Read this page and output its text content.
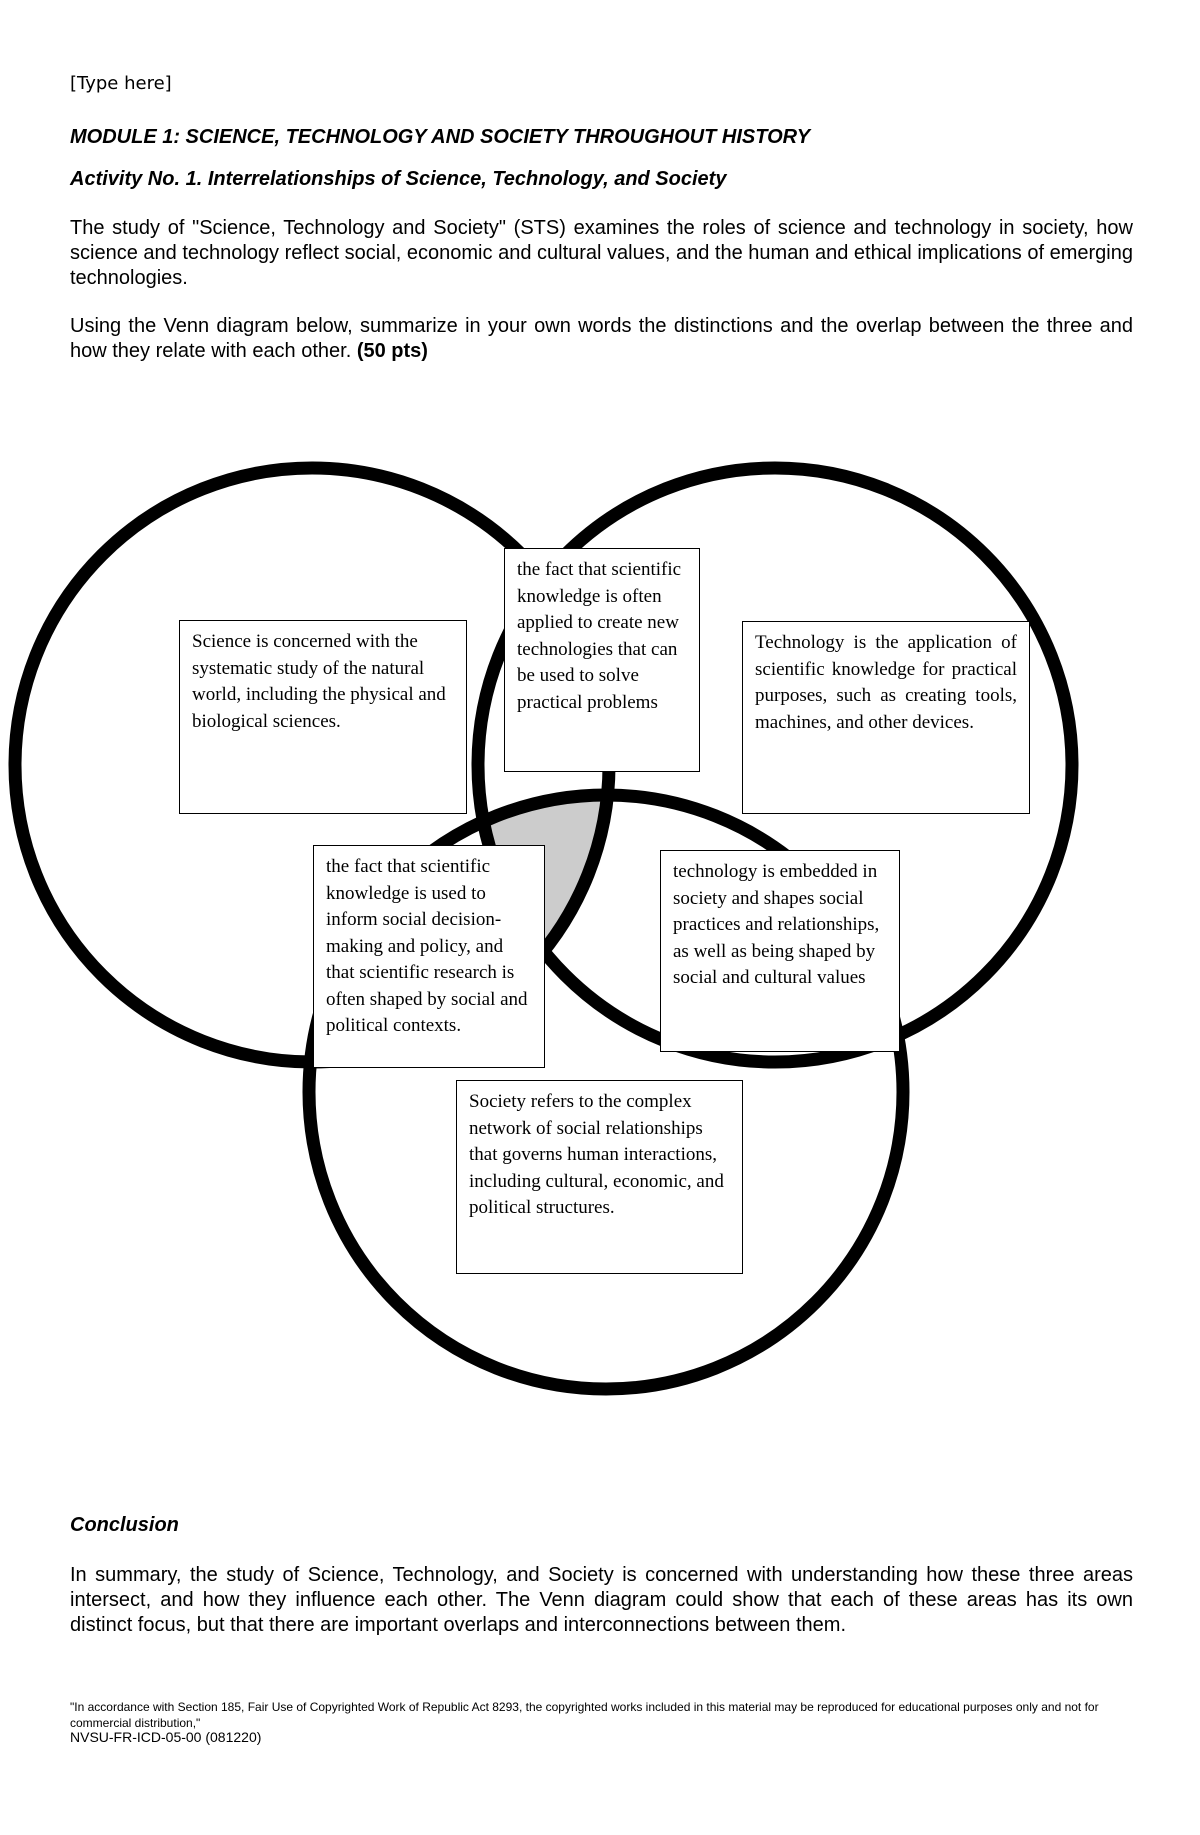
[Type here]
MODULE 1: SCIENCE, TECHNOLOGY AND SOCIETY THROUGHOUT HISTORY
Activity No. 1. Interrelationships of Science, Technology, and Society
The study of "Science, Technology and Society" (STS) examines the roles of science and technology in society, how science and technology reflect social, economic and cultural values, and the human and ethical implications of emerging technologies.
Using the Venn diagram below, summarize in your own words the distinctions and the overlap between the three and how they relate with each other. (50 pts)
the fact that scientific knowledge is often applied to create new technologies that can be used to solve practical problems
Science is concerned with the systematic study of the natural world, including the physical and biological sciences.
Technology is the application of scientific knowledge for practical purposes, such as creating tools, machines, and other devices.
the fact that scientific knowledge is used to inform social decision-making and policy, and that scientific research is often shaped by social and political contexts.
technology is embedded in society and shapes social practices and relationships, as well as being shaped by social and cultural values
Society refers to the complex network of social relationships that governs human interactions, including cultural, economic, and political structures.
Conclusion
In summary, the study of Science, Technology, and Society is concerned with understanding how these three areas intersect, and how they influence each other. The Venn diagram could show that each of these areas has its own distinct focus, but that there are important overlaps and interconnections between them.
"In accordance with Section 185, Fair Use of Copyrighted Work of Republic Act 8293, the copyrighted works included in this material may be reproduced for educational purposes only and not for commercial distribution,"
NVSU-FR-ICD-05-00 (081220)
